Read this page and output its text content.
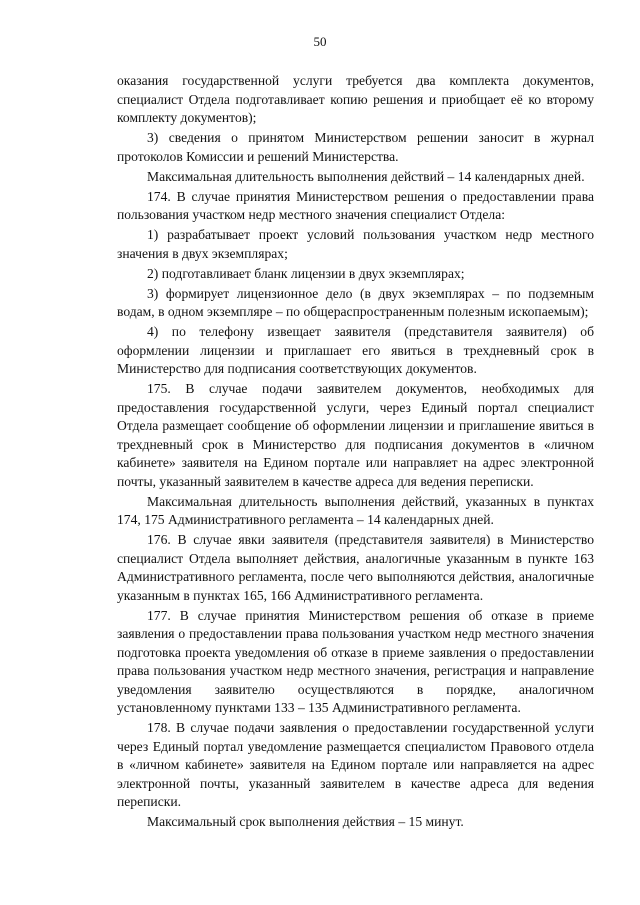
50

оказания государственной услуги требуется два комплекта документов, специалист Отдела подготавливает копию решения и приобщает её ко второму комплекту документов);

3) сведения о принятом Министерством решении заносит в журнал протоколов Комиссии и решений Министерства.

Максимальная длительность выполнения действий – 14 календарных дней.

174. В случае принятия Министерством решения о предоставлении права пользования участком недр местного значения специалист Отдела:

1) разрабатывает проект условий пользования участком недр местного значения в двух экземплярах;

2) подготавливает бланк лицензии в двух экземплярах;

3) формирует лицензионное дело (в двух экземплярах – по подземным водам, в одном экземпляре – по общераспространенным полезным ископаемым);

4) по телефону извещает заявителя (представителя заявителя) об оформлении лицензии и приглашает его явиться в трехдневный срок в Министерство для подписания соответствующих документов.

175. В случае подачи заявителем документов, необходимых для предоставления государственной услуги, через Единый портал специалист Отдела размещает сообщение об оформлении лицензии и приглашение явиться в трехдневный срок в Министерство для подписания документов в «личном кабинете» заявителя на Едином портале или направляет на адрес электронной почты, указанный заявителем в качестве адреса для ведения переписки.

Максимальная длительность выполнения действий, указанных в пунктах 174, 175 Административного регламента – 14 календарных дней.

176. В случае явки заявителя (представителя заявителя) в Министерство специалист Отдела выполняет действия, аналогичные указанным в пункте 163 Административного регламента, после чего выполняются действия, аналогичные указанным в пунктах 165, 166 Административного регламента.

177. В случае принятия Министерством решения об отказе в приеме заявления о предоставлении права пользования участком недр местного значения подготовка проекта уведомления об отказе в приеме заявления о предоставлении права пользования участком недр местного значения, регистрация и направление уведомления заявителю осуществляются в порядке, аналогичном установленному пунктами 133 – 135 Административного регламента.

178. В случае подачи заявления о предоставлении государственной услуги через Единый портал уведомление размещается специалистом Правового отдела в «личном кабинете» заявителя на Едином портале или направляется на адрес электронной почты, указанный заявителем в качестве адреса для ведения переписки.

Максимальный срок выполнения действия – 15 минут.
